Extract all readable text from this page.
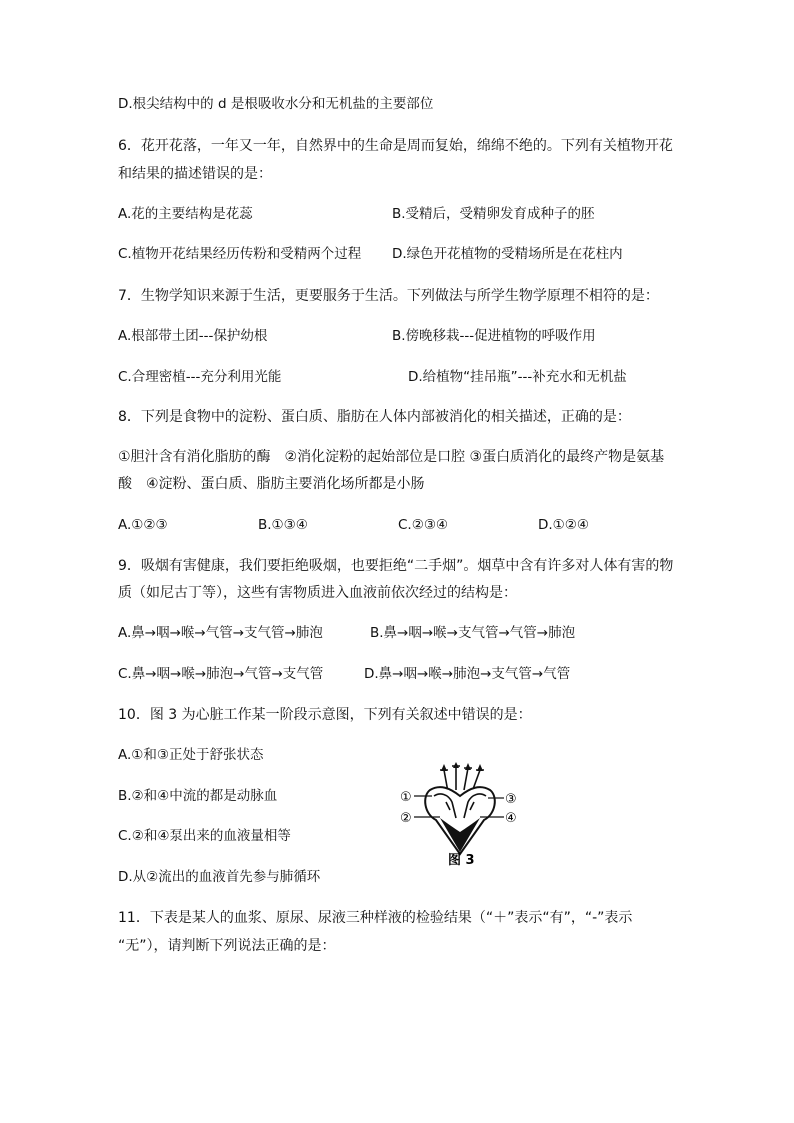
D.根尖结构中的 d 是根吸收水分和无机盐的主要部位
6．花开花落，一年又一年，自然界中的生命是周而复始，绵绵不绝的。下列有关植物开花
和结果的描述错误的是：
A.花的主要结构是花蕊	B.受精后，受精卵发育成种子的胚
C.植物开花结果经历传粉和受精两个过程 D.绿色开花植物的受精场所是在花柱内
7．生物学知识来源于生活，更要服务于生活。下列做法与所学生物学原理不相符的是：
A.根部带土团---保护幼根	B.傍晚移栽---促进植物的呼吸作用
C.合理密植---充分利用光能	D.给植物“挂吊瓶”---补充水和无机盐
8．下列是食物中的淀粉、蛋白质、脂肪在人体内部被消化的相关描述，正确的是：
①胆汁含有消化脂肪的酶　②消化淀粉的起始部位是口腔 ③蛋白质消化的最终产物是氨基
酸　④淀粉、蛋白质、脂肪主要消化场所都是小肠
A.①②③	B.①③④	C.②③④	D.①②④
9．吸烟有害健康，我们要拒绝吸烟，也要拒绝“二手烟”。烟草中含有许多对人体有害的物
质（如尼古丁等），这些有害物质进入血液前依次经过的结构是：
A.鼻→咽→喉→气管→支气管→肺泡	B.鼻→咽→喉→支气管→气管→肺泡
C.鼻→咽→喉→肺泡→气管→支气管	D.鼻→咽→喉→肺泡→支气管→气管
10．图 3 为心脏工作某一阶段示意图，下列有关叙述中错误的是：
A.①和③正处于舒张状态
B.②和④中流的都是动脉血
C.②和④泵出来的血液量相等
D.从②流出的血液首先参与肺循环
①
②
③
④
图 3
11．下表是某人的血浆、原尿、尿液三种样液的检验结果（“＋”表示“有”，“-”表示
“无”），请判断下列说法正确的是：
